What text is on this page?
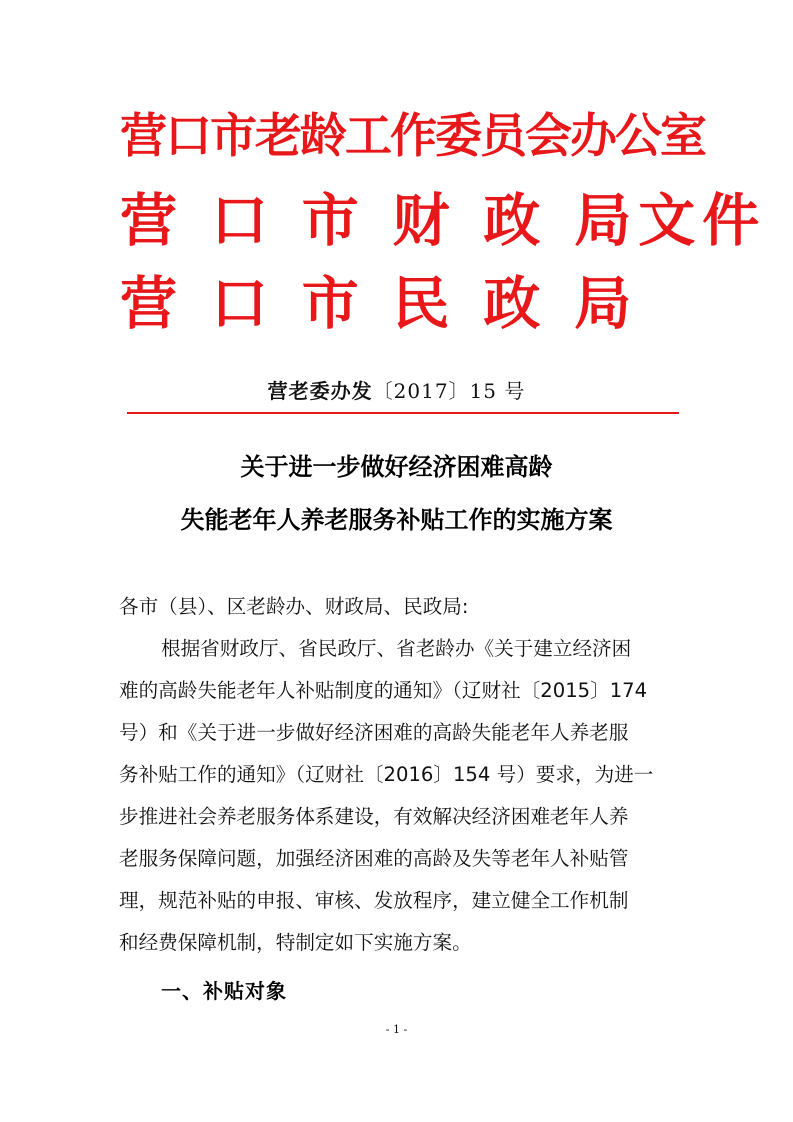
营口市老龄工作委员会办公室
营 口 市 财 政 局文件
营 口 市 民 政 局
营老委办发〔2017〕15 号
关于进一步做好经济困难高龄
失能老年人养老服务补贴工作的实施方案
各市（县）、区老龄办、财政局、民政局:
根据省财政厅、省民政厅、省老龄办《关于建立经济困
难的高龄失能老年人补贴制度的通知》（辽财社〔2015〕174
号）和《关于进一步做好经济困难的高龄失能老年人养老服
务补贴工作的通知》（辽财社〔2016〕154 号）要求，为进一
步推进社会养老服务体系建设，有效解决经济困难老年人养
老服务保障问题，加强经济困难的高龄及失等老年人补贴管
理，规范补贴的申报、审核、发放程序，建立健全工作机制
和经费保障机制，特制定如下实施方案。
一、补贴对象
- 1 -
